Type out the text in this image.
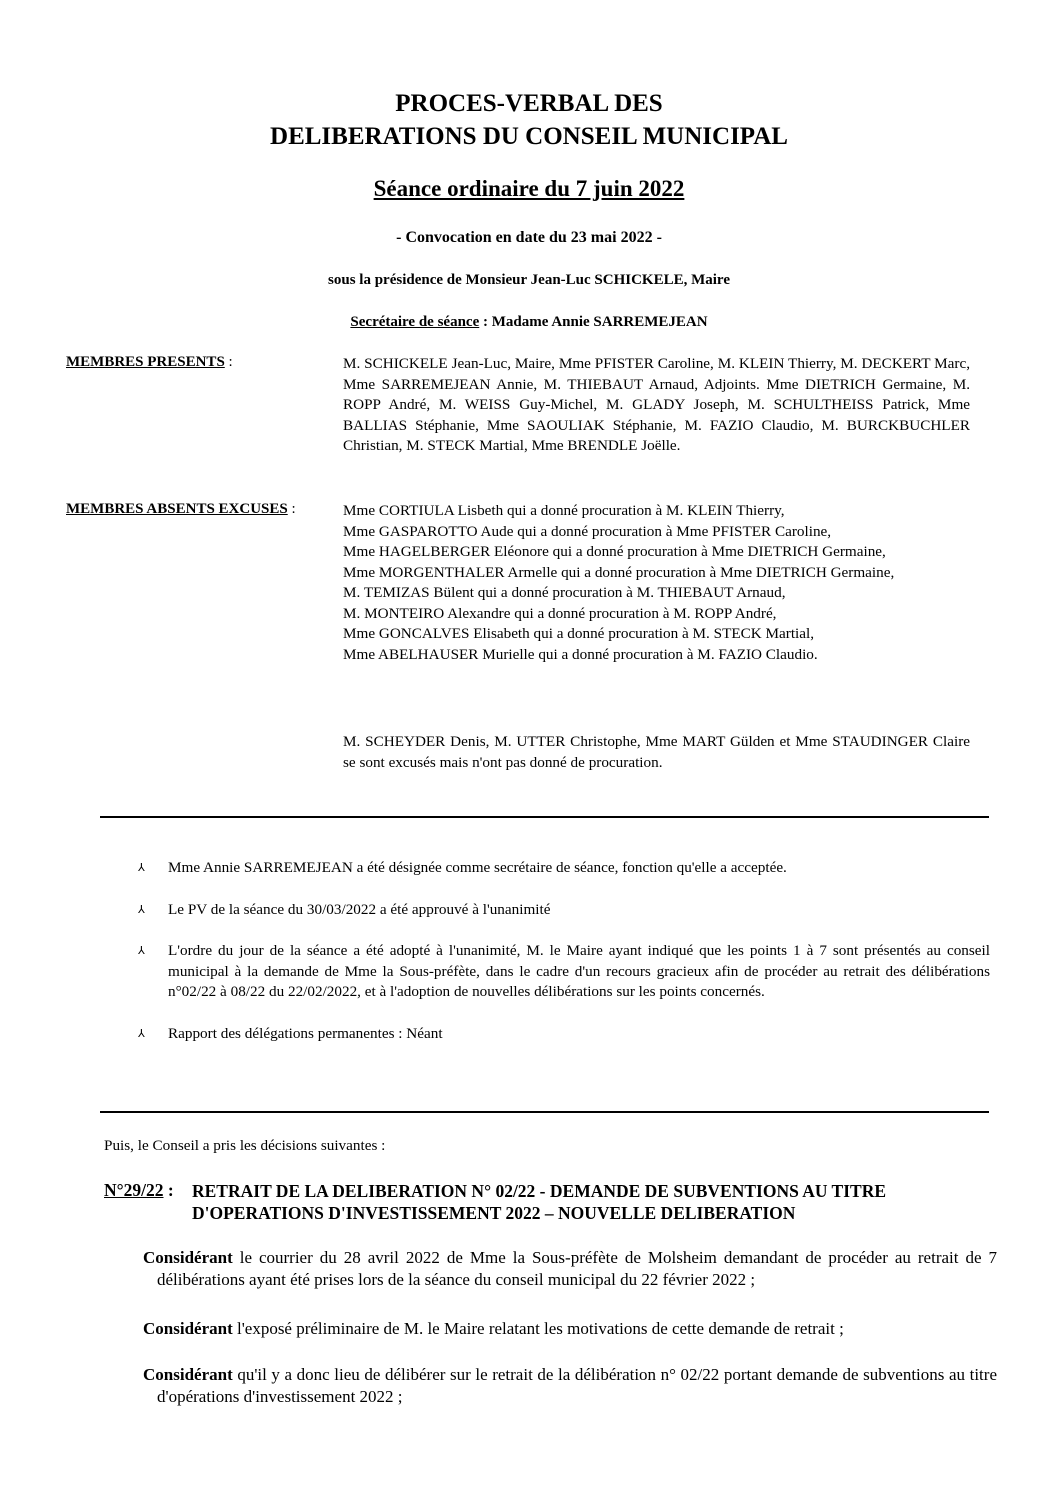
PROCES-VERBAL DES
DELIBERATIONS DU CONSEIL MUNICIPAL
Séance ordinaire du 7 juin 2022
- Convocation en date du 23 mai 2022 -
sous la présidence de Monsieur Jean-Luc SCHICKELE, Maire
Secrétaire de séance : Madame Annie SARREMEJEAN
MEMBRES PRESENTS :	M. SCHICKELE Jean-Luc, Maire, Mme PFISTER Caroline, M. KLEIN Thierry, M. DECKERT Marc, Mme SARREMEJEAN Annie, M. THIEBAUT Arnaud, Adjoints. Mme DIETRICH Germaine, M. ROPP André, M. WEISS Guy-Michel, M. GLADY Joseph, M. SCHULTHEISS Patrick, Mme BALLIAS Stéphanie, Mme SAOULIAK Stéphanie, M. FAZIO Claudio, M. BURCKBUCHLER Christian, M. STECK Martial, Mme BRENDLE Joëlle.
MEMBRES ABSENTS EXCUSES :	Mme CORTIULA Lisbeth qui a donné procuration à M. KLEIN Thierry,
Mme GASPAROTTO Aude qui a donné procuration à Mme PFISTER Caroline,
Mme HAGELBERGER Eléonore qui a donné procuration à Mme DIETRICH Germaine,
Mme MORGENTHALER Armelle qui a donné procuration à Mme DIETRICH Germaine,
M. TEMIZAS Bülent qui a donné procuration à M. THIEBAUT Arnaud,
M. MONTEIRO Alexandre qui a donné procuration à M. ROPP André,
Mme GONCALVES Elisabeth qui a donné procuration à M. STECK Martial,
Mme ABELHAUSER Murielle qui a donné procuration à M. FAZIO Claudio.
M. SCHEYDER Denis, M. UTTER Christophe, Mme MART Gülden et Mme STAUDINGER Claire se sont excusés mais n'ont pas donné de procuration.
⅄ Mme Annie SARREMEJEAN a été désignée comme secrétaire de séance, fonction qu'elle a acceptée.
⅄ Le PV de la séance du 30/03/2022 a été approuvé à l'unanimité
⅄ L'ordre du jour de la séance a été adopté à l'unanimité, M. le Maire ayant indiqué que les points 1 à 7 sont présentés au conseil municipal à la demande de Mme la Sous-préfète, dans le cadre d'un recours gracieux afin de procéder au retrait des délibérations n°02/22 à 08/22 du 22/02/2022, et à l'adoption de nouvelles délibérations sur les points concernés.
⅄ Rapport des délégations permanentes : Néant
Puis, le Conseil a pris les décisions suivantes :
N°29/22 : RETRAIT DE LA DELIBERATION N° 02/22 - DEMANDE DE SUBVENTIONS AU TITRE D'OPERATIONS D'INVESTISSEMENT 2022 – NOUVELLE DELIBERATION
Considérant le courrier du 28 avril 2022 de Mme la Sous-préfète de Molsheim demandant de procéder au retrait de 7 délibérations ayant été prises lors de la séance du conseil municipal du 22 février 2022 ;
Considérant l'exposé préliminaire de M. le Maire relatant les motivations de cette demande de retrait ;
Considérant qu'il y a donc lieu de délibérer sur le retrait de la délibération n° 02/22 portant demande de subventions au titre d'opérations d'investissement 2022 ;
